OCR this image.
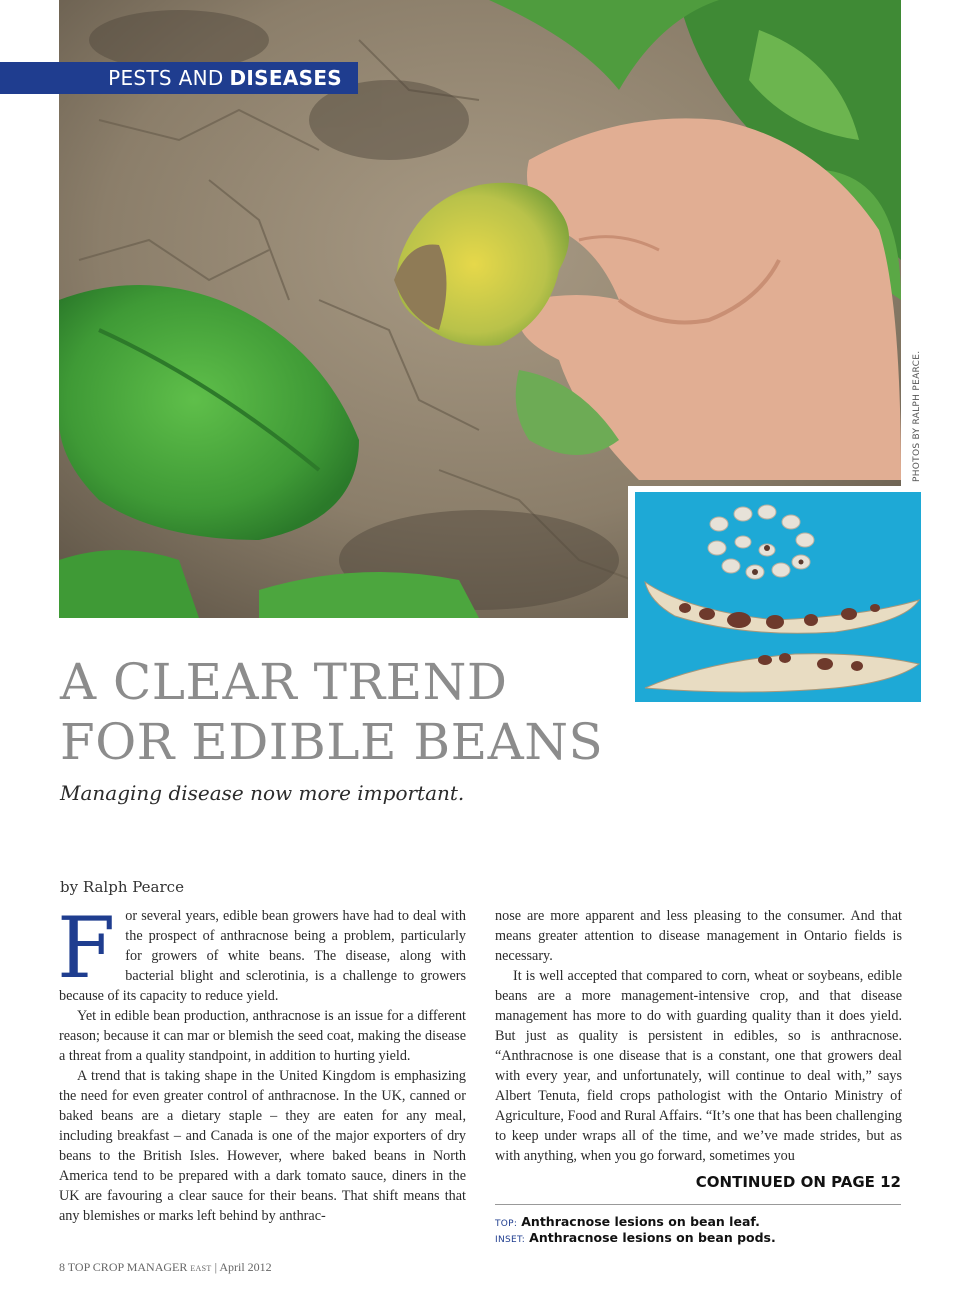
PESTS AND DISEASES
PHOTOS BY RALPH PEARCE.
A CLEAR TREND
FOR EDIBLE BEANS
Managing disease now more important.
by Ralph Pearce

For several years, edible bean growers have had to deal with the prospect of anthracnose being a problem, particularly for growers of white beans. The disease, along with bacterial blight and sclerotinia, is a challenge to growers because of its capacity to reduce yield.

Yet in edible bean production, anthracnose is an issue for a different reason; because it can mar or blemish the seed coat, making the disease a threat from a quality standpoint, in addition to hurting yield.

A trend that is taking shape in the United Kingdom is emphasizing the need for even greater control of anthracnose. In the UK, canned or baked beans are a dietary staple – they are eaten for any meal, including breakfast – and Canada is one of the major exporters of dry beans to the British Isles. However, where baked beans in North America tend to be prepared with a dark tomato sauce, diners in the UK are favouring a clear sauce for their beans. That shift means that any blemishes or marks left behind by anthrac-

nose are more apparent and less pleasing to the consumer. And that means greater attention to disease management in Ontario fields is necessary.

It is well accepted that compared to corn, wheat or soybeans, edible beans are a more management-intensive crop, and that disease management has more to do with guarding quality than it does yield. But just as quality is persistent in edibles, so is anthracnose. “Anthracnose is one disease that is a constant, one that growers deal with every year, and unfortunately, will continue to deal with,” says Albert Tenuta, field crops pathologist with the Ontario Ministry of Agriculture, Food and Rural Affairs. “It’s one that has been challenging to keep under wraps all of the time, and we’ve made strides, but as with anything, when you go forward, sometimes you

CONTINUED ON PAGE 12
TOP: Anthracnose lesions on bean leaf.
INSET: Anthracnose lesions on bean pods.
8 TOP CROP MANAGER EAST | April 2012
